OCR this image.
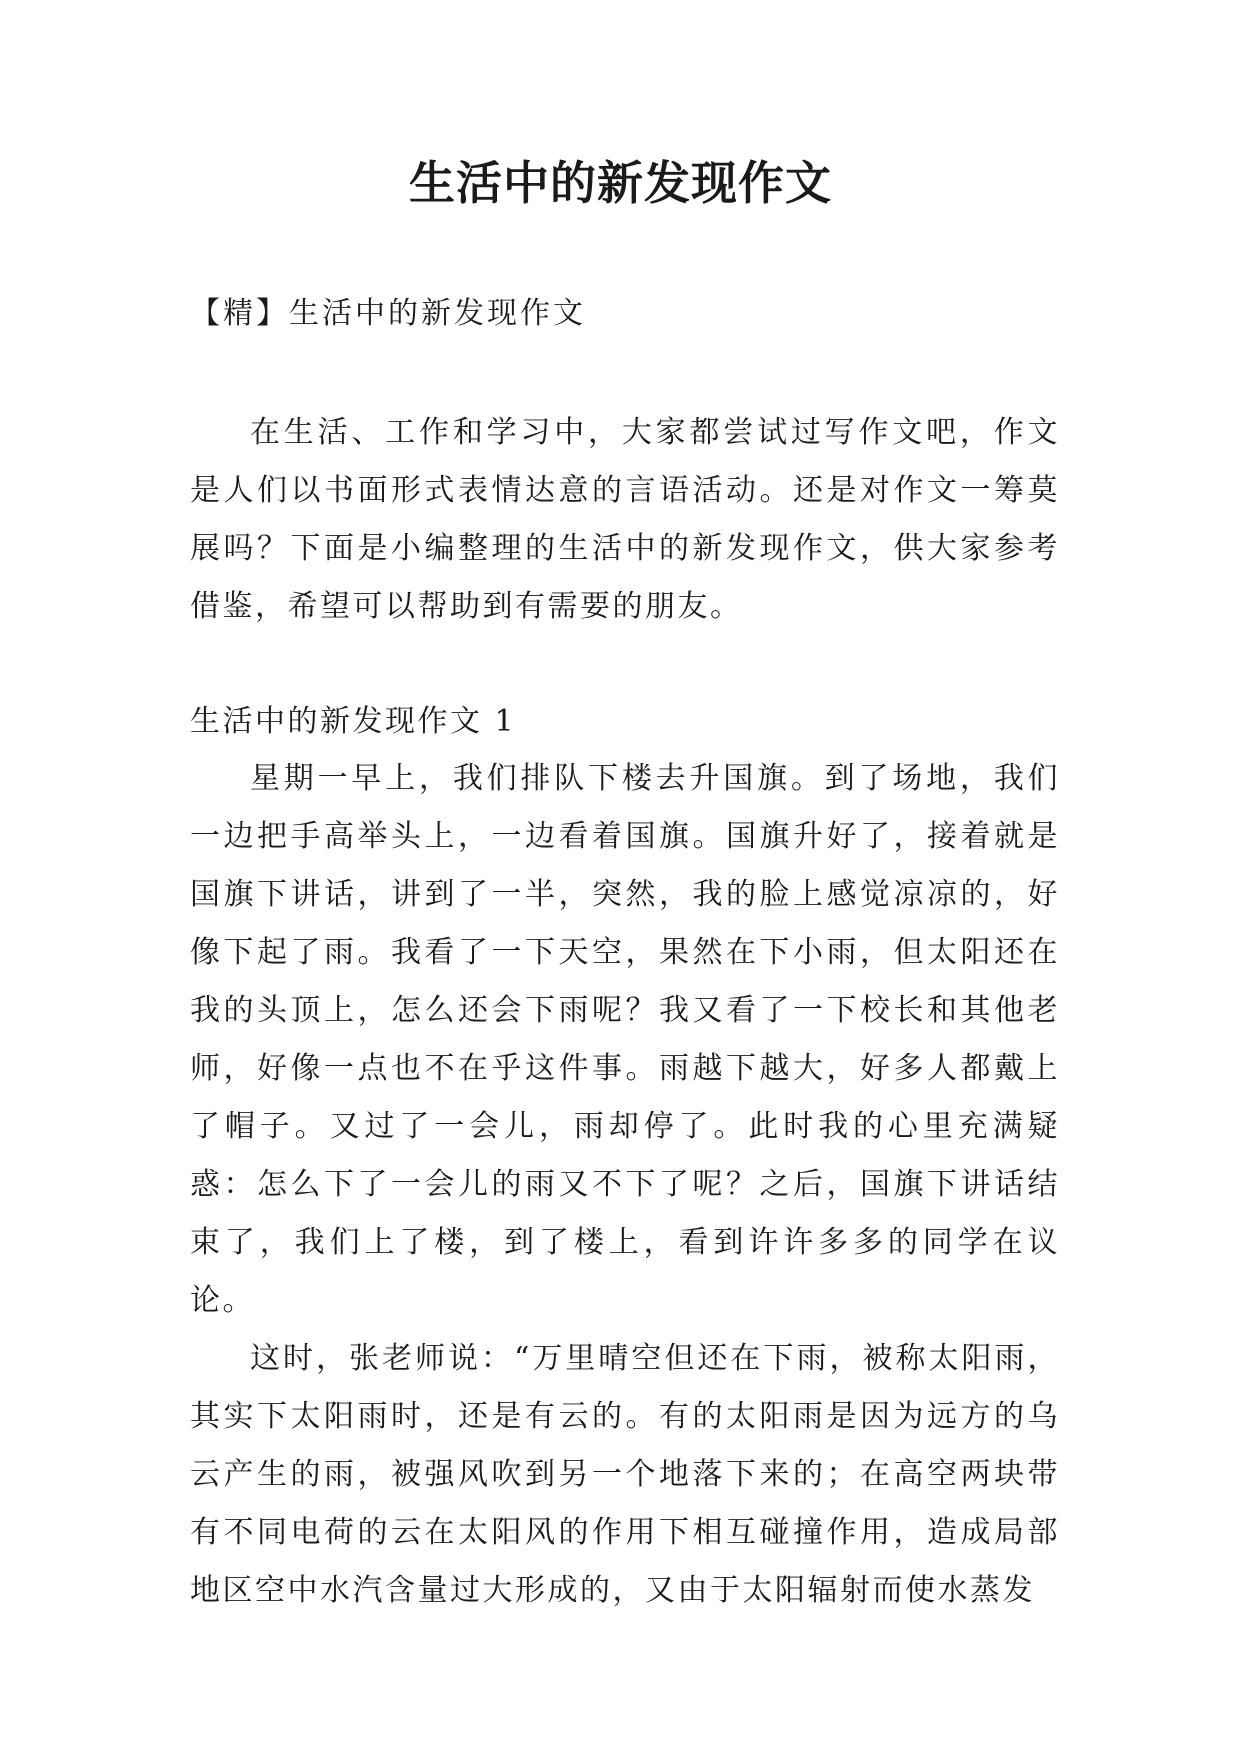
生活中的新发现作文
【精】生活中的新发现作文

在生活、工作和学习中，大家都尝试过写作文吧，作文是人们以书面形式表情达意的言语活动。还是对作文一筹莫展吗？下面是小编整理的生活中的新发现作文，供大家参考借鉴，希望可以帮助到有需要的朋友。

生活中的新发现作文 1

星期一早上，我们排队下楼去升国旗。到了场地，我们一边把手高举头上，一边看着国旗。国旗升好了，接着就是国旗下讲话，讲到了一半，突然，我的脸上感觉凉凉的，好像下起了雨。我看了一下天空，果然在下小雨，但太阳还在我的头顶上，怎么还会下雨呢？我又看了一下校长和其他老师，好像一点也不在乎这件事。雨越下越大，好多人都戴上了帽子。又过了一会儿，雨却停了。此时我的心里充满疑惑：怎么下了一会儿的雨又不下了呢？之后，国旗下讲话结束了，我们上了楼，到了楼上，看到许许多多的同学在议论。

这时，张老师说：“万里晴空但还在下雨，被称太阳雨，其实下太阳雨时，还是有云的。有的太阳雨是因为远方的乌云产生的雨，被强风吹到另一个地落下来的；在高空两块带有不同电荷的云在太阳风的作用下相互碰撞作用，造成局部地区空中水汽含量过大形成的，又由于太阳辐射而使水蒸发
